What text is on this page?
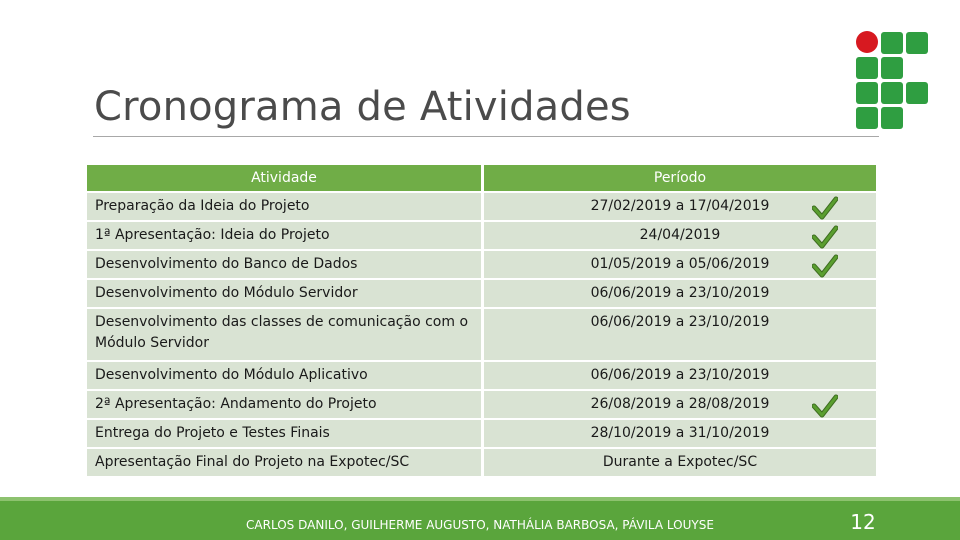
Cronograma de Atividades
Atividade	Período
Preparação da Ideia do Projeto	27/02/2019 a 17/04/2019
1ª Apresentação: Ideia do Projeto	24/04/2019
Desenvolvimento do Banco de Dados	01/05/2019 a 05/06/2019
Desenvolvimento do Módulo Servidor	06/06/2019 a 23/10/2019
Desenvolvimento das classes de comunicação com o Módulo Servidor	06/06/2019 a 23/10/2019
Desenvolvimento do Módulo Aplicativo	06/06/2019 a 23/10/2019
2ª Apresentação: Andamento do Projeto	26/08/2019 a 28/08/2019
Entrega do Projeto e Testes Finais	28/10/2019 a 31/10/2019
Apresentação Final do Projeto na Expotec/SC	Durante a Expotec/SC
CARLOS DANILO, GUILHERME AUGUSTO, NATHÁLIA BARBOSA, PÁVILA LOUYSE	12
